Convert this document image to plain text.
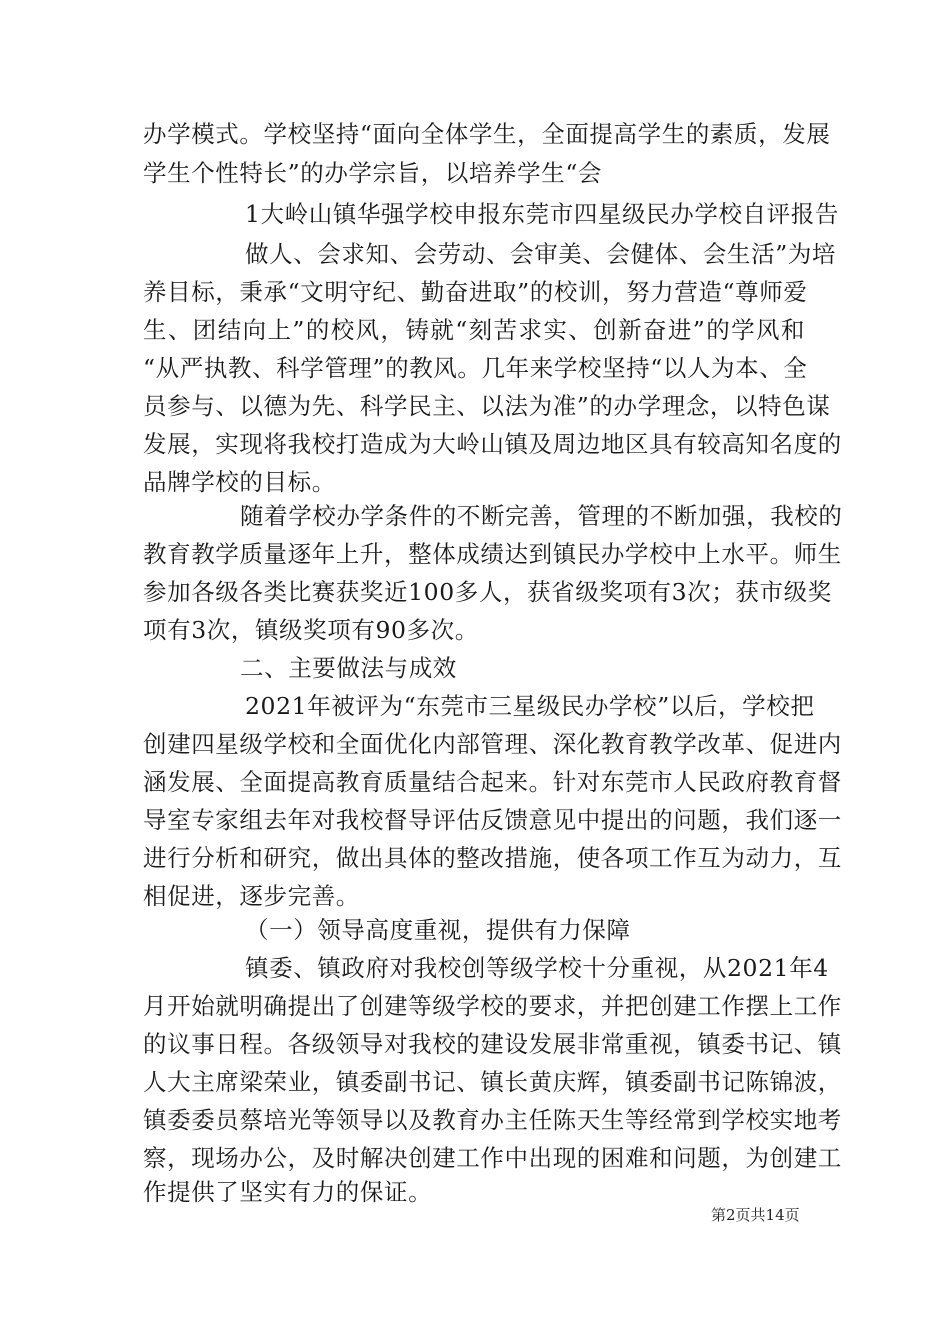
办学模式。学校坚持“面向全体学生，全面提高学生的素质，发展
学生个性特长”的办学宗旨，以培养学生“会
1大岭山镇华强学校申报东莞市四星级民办学校自评报告
做人、会求知、会劳动、会审美、会健体、会生活”为培
养目标，秉承“文明守纪、勤奋进取”的校训，努力营造“尊师爱
生、团结向上”的校风，铸就“刻苦求实、创新奋进”的学风和
“从严执教、科学管理”的教风。几年来学校坚持“以人为本、全
员参与、以德为先、科学民主、以法为准”的办学理念，以特色谋
发展，实现将我校打造成为大岭山镇及周边地区具有较高知名度的
品牌学校的目标。
随着学校办学条件的不断完善，管理的不断加强，我校的
教育教学质量逐年上升，整体成绩达到镇民办学校中上水平。师生
参加各级各类比赛获奖近100多人，获省级奖项有3次；获市级奖
项有3次，镇级奖项有90多次。
二、主要做法与成效
2021年被评为“东莞市三星级民办学校”以后，学校把
创建四星级学校和全面优化内部管理、深化教育教学改革、促进内
涵发展、全面提高教育质量结合起来。针对东莞市人民政府教育督
导室专家组去年对我校督导评估反馈意见中提出的问题，我们逐一
进行分析和研究，做出具体的整改措施，使各项工作互为动力，互
相促进，逐步完善。
（一）领导高度重视，提供有力保障
镇委、镇政府对我校创等级学校十分重视，从2021年4
月开始就明确提出了创建等级学校的要求，并把创建工作摆上工作
的议事日程。各级领导对我校的建设发展非常重视，镇委书记、镇
人大主席梁荣业，镇委副书记、镇长黄庆辉，镇委副书记陈锦波，
镇委委员蔡培光等领导以及教育办主任陈天生等经常到学校实地考
察，现场办公，及时解决创建工作中出现的困难和问题，为创建工
作提供了坚实有力的保证。
第2页共14页
